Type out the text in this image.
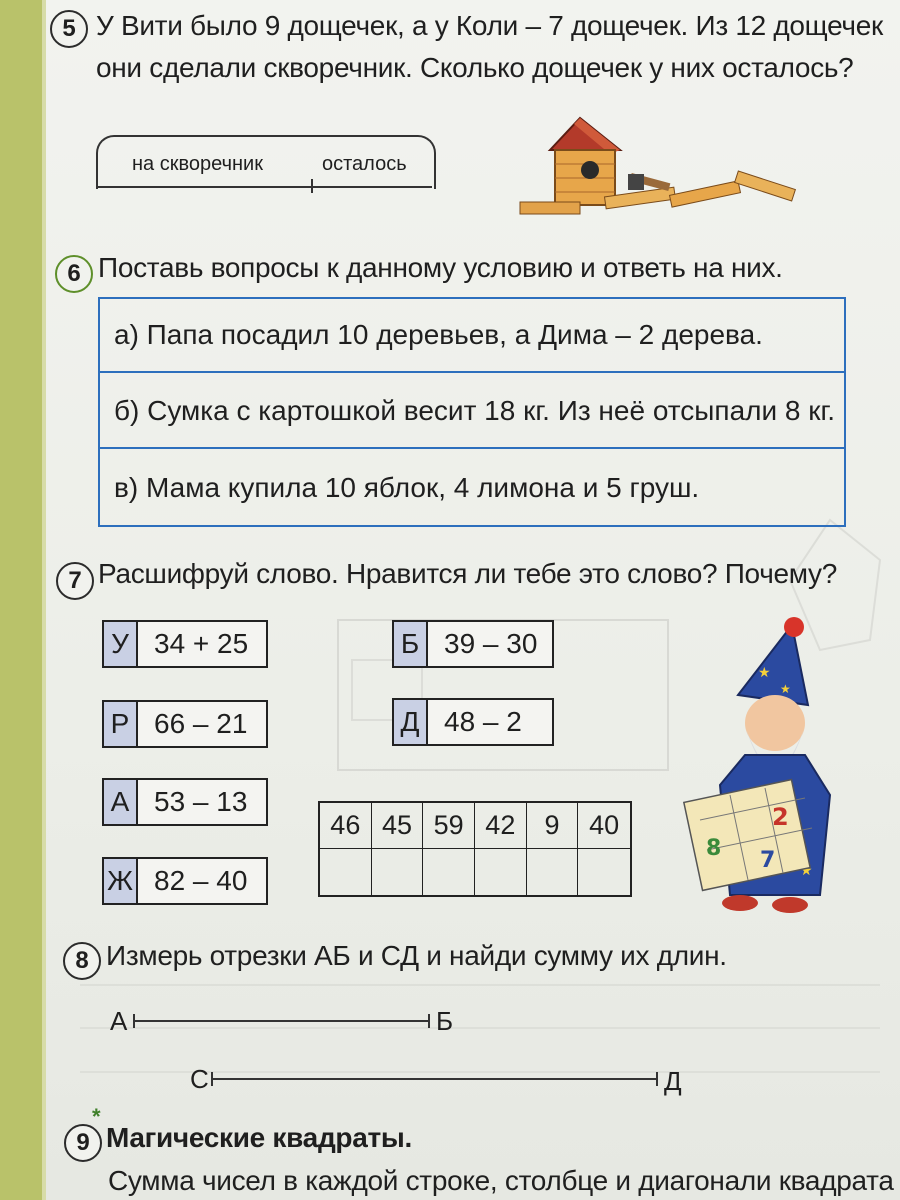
5 У Вити было 9 дощечек, а у Коли – 7 дощечек. Из 12 дощечек
они сделали скворечник. Сколько дощечек у них осталось?
на скворечник	осталось
6 Поставь вопросы к данному условию и ответь на них.
а) Папа посадил 10 деревьев, а Дима – 2 дерева.
б) Сумка с картошкой весит 18 кг. Из неё отсыпали 8 кг.
в) Мама купила 10 яблок, 4 лимона и 5 груш.
7 Расшифруй слово. Нравится ли тебе это слово? Почему?
У 34 + 25
Р 66 – 21
А 53 – 13
Ж 82 – 40
Б 39 – 30
Д 48 – 2
46 45 59 42	9	40
★
★
★
8
2
7
8 Измерь отрезки АБ и СД и найди сумму их длин.
А	Б
С	Д
*
9 Магические квадраты.
Сумма чисел в каждой строке, столбце и диагонали квадрата
